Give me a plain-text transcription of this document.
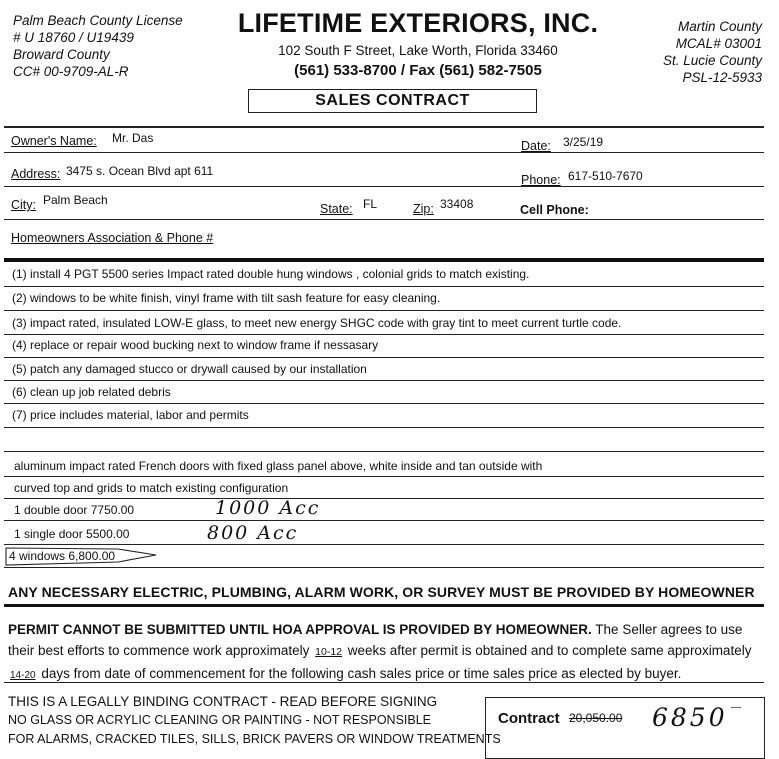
Palm Beach County License
# U 18760 / U19439
Broward County
CC# 00-9709-AL-R
LIFETIME EXTERIORS, INC.
102 South F Street, Lake Worth, Florida 33460
(561) 533-8700 / Fax (561) 582-7505
Martin County
MCAL# 03001
St. Lucie County
PSL-12-5933
SALES CONTRACT
Owner's Name: Mr. Das
Date: 3/25/19
Address: 3475 s. Ocean Blvd apt 611
Phone: 617-510-7670
City: Palm Beach
State: FL	Zip: 33408	Cell Phone:
Homeowners Association & Phone #
(1) install 4 PGT 5500 series Impact rated double hung windows , colonial grids to match existing.
(2) windows to be white finish, vinyl frame with tilt sash feature for easy cleaning.
(3) impact rated, insulated LOW-E glass, to meet new energy SHGC code with gray tint to meet current turtle code.
(4) replace or repair wood bucking next to window frame if nessasary
(5) patch any damaged stucco or drywall caused by our installation
(6) clean up job related debris
(7) price includes material, labor and permits
aluminum impact rated French doors with fixed glass panel above, white inside and tan outside with
curved top and grids to match existing configuration
1 double door 7750.00	1000 Acc
1 single door 5500.00	800 Acc
4 windows 6,800.00
ANY NECESSARY ELECTRIC, PLUMBING, ALARM WORK, OR SURVEY MUST BE PROVIDED BY HOMEOWNER
PERMIT CANNOT BE SUBMITTED UNTIL HOA APPROVAL IS PROVIDED BY HOMEOWNER. The Seller agrees to use
their best efforts to commence work approximately 10-12 weeks after permit is obtained and to complete same approximately
14-20 days from date of commencement for the following cash sales price or time sales price as elected by buyer.
THIS IS A LEGALLY BINDING CONTRACT - READ BEFORE SIGNING
NO GLASS OR ACRYLIC CLEANING OR PAINTING - NOT RESPONSIBLE
FOR ALARMS, CRACKED TILES, SILLS, BRICK PAVERS OR WINDOW TREATMENTS
Contract 20,050.00 6850 —
